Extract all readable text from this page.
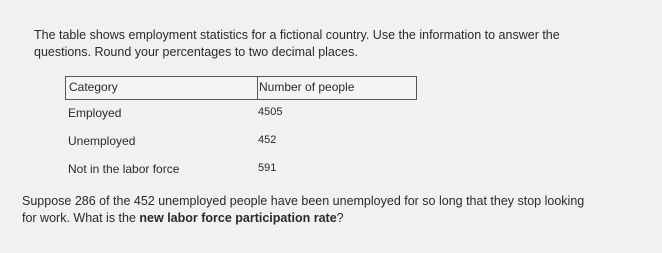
The table shows employment statistics for a fictional country. Use the information to answer the
questions. Round your percentages to two decimal places.
Category	Number of people
Employed	4505
Unemployed	452
Not in the labor force	591
Suppose 286 of the 452 unemployed people have been unemployed for so long that they stop looking
for work. What is the new labor force participation rate?
